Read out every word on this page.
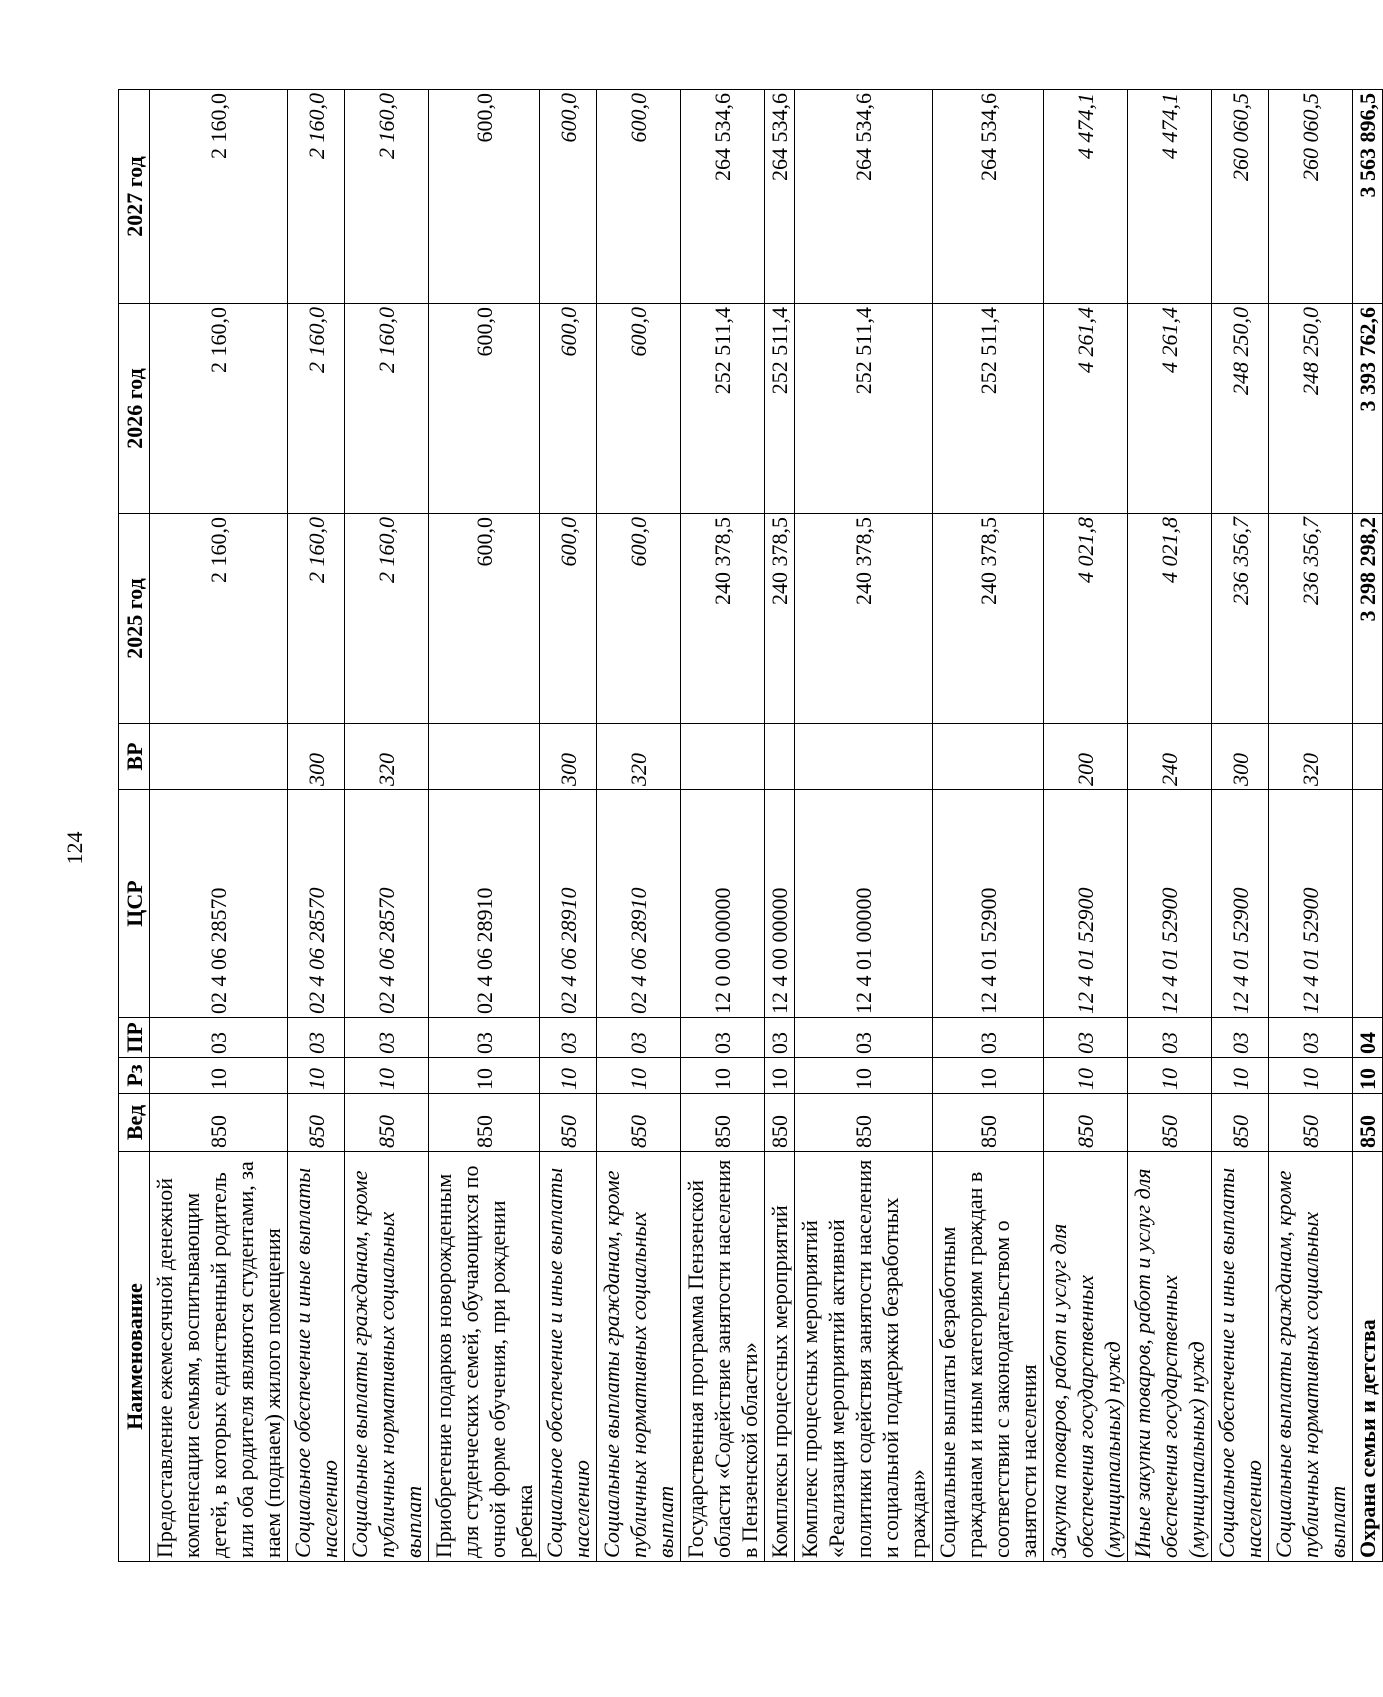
124
Наименование	Вед	Рз	ПР	ЦСР	ВР	2025 год	2026 год	2027 год
Предоставление ежемесячной денежной компенсации семьям, воспитывающим детей, в которых единственный родитель или оба родителя являются студентами, за наем (поднаем) жилого помещения	850	10	03	02 4 06 28570		2 160,0	2 160,0	2 160,0
Социальное обеспечение и иные выплаты населению	850	10	03	02 4 06 28570	300	2 160,0	2 160,0	2 160,0
Социальные выплаты гражданам, кроме публичных нормативных социальных выплат	850	10	03	02 4 06 28570	320	2 160,0	2 160,0	2 160,0
Приобретение подарков новорожденным для студенческих семей, обучающихся по очной форме обучения, при рождении ребенка	850	10	03	02 4 06 28910		600,0	600,0	600,0
Социальное обеспечение и иные выплаты населению	850	10	03	02 4 06 28910	300	600,0	600,0	600,0
Социальные выплаты гражданам, кроме публичных нормативных социальных выплат	850	10	03	02 4 06 28910	320	600,0	600,0	600,0
Государственная программа Пензенской области «Содействие занятости населения в Пензенской области»	850	10	03	12 0 00 00000		240 378,5	252 511,4	264 534,6
Комплексы процессных мероприятий	850	10	03	12 4 00 00000		240 378,5	252 511,4	264 534,6
Комплекс процессных мероприятий «Реализация мероприятий активной политики содействия занятости населения и социальной поддержки безработных граждан»	850	10	03	12 4 01 00000		240 378,5	252 511,4	264 534,6
Социальные выплаты безработным гражданам и иным категориям граждан в соответствии с законодательством о занятости населения	850	10	03	12 4 01 52900		240 378,5	252 511,4	264 534,6
Закупка товаров, работ и услуг для обеспечения государственных (муниципальных) нужд	850	10	03	12 4 01 52900	200	4 021,8	4 261,4	4 474,1
Иные закупки товаров, работ и услуг для обеспечения государственных (муниципальных) нужд	850	10	03	12 4 01 52900	240	4 021,8	4 261,4	4 474,1
Социальное обеспечение и иные выплаты населению	850	10	03	12 4 01 52900	300	236 356,7	248 250,0	260 060,5
Социальные выплаты гражданам, кроме публичных нормативных социальных выплат	850	10	03	12 4 01 52900	320	236 356,7	248 250,0	260 060,5
Охрана семьи и детства	850	10	04			3 298 298,2	3 393 762,6	3 563 896,5
